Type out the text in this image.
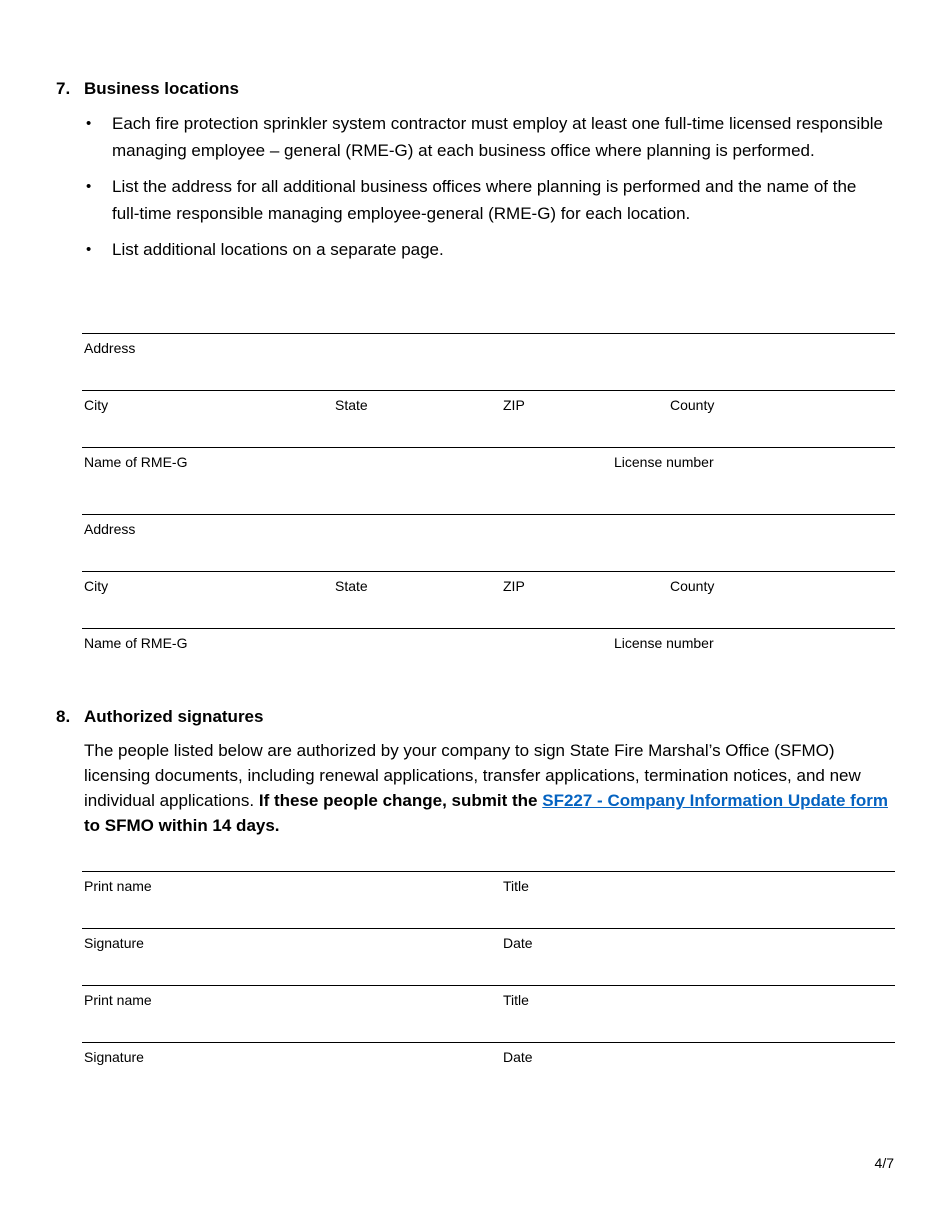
7. Business locations
• Each fire protection sprinkler system contractor must employ at least one full-time licensed responsible managing employee – general (RME-G) at each business office where planning is performed.
• List the address for all additional business offices where planning is performed and the name of the full-time responsible managing employee-general (RME-G) for each location.
• List additional locations on a separate page.
Address
City	State	ZIP	County
Name of RME-G	License number
Address
City	State	ZIP	County
Name of RME-G	License number
8. Authorized signatures

The people listed below are authorized by your company to sign State Fire Marshal’s Office (SFMO) licensing documents, including renewal applications, transfer applications, termination notices, and new individual applications. If these people change, submit the SF227 - Company Information Update form to SFMO within 14 days.

Print name	Title
Signature	Date
Print name	Title
Signature	Date
4/7
